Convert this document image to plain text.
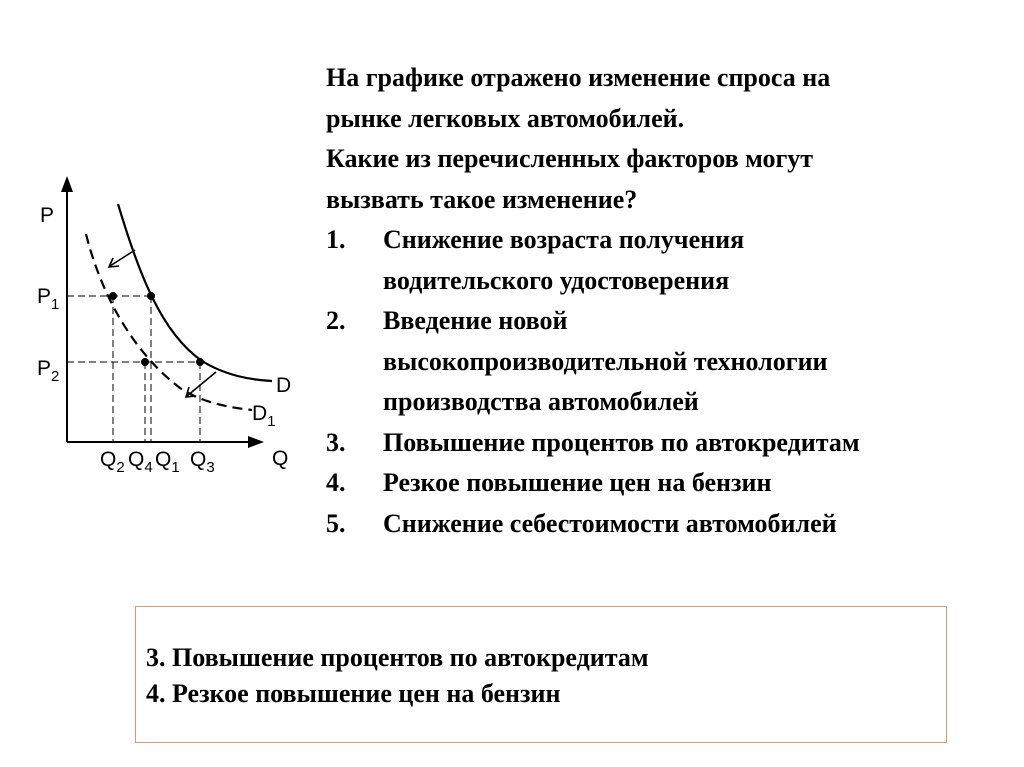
P
Q
$P_1$
$P_2$
$Q_2$ $Q_4$ $Q_1$ $Q_3$
D
$D_1$
На графике отражено изменение спроса на
рынке легковых автомобилей.
Какие из перечисленных факторов могут
вызвать такое изменение?
1. Снижение возраста получения
водительского удостоверения
2. Введение новой
высокопроизводительной технологии
производства автомобилей
3. Повышение процентов по автокредитам
4. Резкое повышение цен на бензин
5. Снижение себестоимости автомобилей
3. Повышение процентов по автокредитам
4. Резкое повышение цен на бензин
